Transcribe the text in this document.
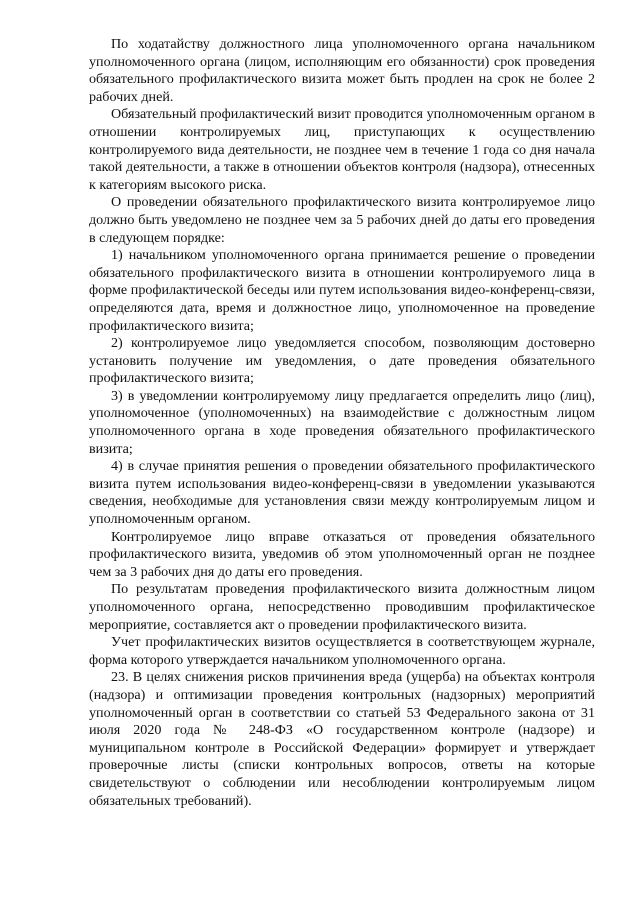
По ходатайству должностного лица уполномоченного органа начальником уполномоченного органа (лицом, исполняющим его обязанности) срок проведения обязательного профилактического визита может быть продлен на срок не более 2 рабочих дней.

Обязательный профилактический визит проводится уполномоченным органом в отношении контролируемых лиц, приступающих к осуществлению контролируемого вида деятельности, не позднее чем в течение 1 года со дня начала такой деятельности, а также в отношении объектов контроля (надзора), отнесенных к категориям высокого риска.

О проведении обязательного профилактического визита контролируемое лицо должно быть уведомлено не позднее чем за 5 рабочих дней до даты его проведения в следующем порядке:

1) начальником уполномоченного органа принимается решение о проведении обязательного профилактического визита в отношении контролируемого лица в форме профилактической беседы или путем использования видео-конференц-связи, определяются дата, время и должностное лицо, уполномоченное на проведение профилактического визита;

2) контролируемое лицо уведомляется способом, позволяющим достоверно установить получение им уведомления, о дате проведения обязательного профилактического визита;

3) в уведомлении контролируемому лицу предлагается определить лицо (лиц), уполномоченное (уполномоченных) на взаимодействие с должностным лицом уполномоченного органа в ходе проведения обязательного профилактического визита;

4) в случае принятия решения о проведении обязательного профилактического визита путем использования видео-конференц-связи в уведомлении указываются сведения, необходимые для установления связи между контролируемым лицом и уполномоченным органом.

Контролируемое лицо вправе отказаться от проведения обязательного профилактического визита, уведомив об этом уполномоченный орган не позднее чем за 3 рабочих дня до даты его проведения.

По результатам проведения профилактического визита должностным лицом уполномоченного органа, непосредственно проводившим профилактическое мероприятие, составляется акт о проведении профилактического визита.

Учет профилактических визитов осуществляется в соответствующем журнале, форма которого утверждается начальником уполномоченного органа.

23. В целях снижения рисков причинения вреда (ущерба) на объектах контроля (надзора) и оптимизации проведения контрольных (надзорных) мероприятий уполномоченный орган в соответствии со статьей 53 Федерального закона от 31 июля 2020 года № 248-ФЗ «О государственном контроле (надзоре) и муниципальном контроле в Российской Федерации» формирует и утверждает проверочные листы (списки контрольных вопросов, ответы на которые свидетельствуют о соблюдении или несоблюдении контролируемым лицом обязательных требований).
